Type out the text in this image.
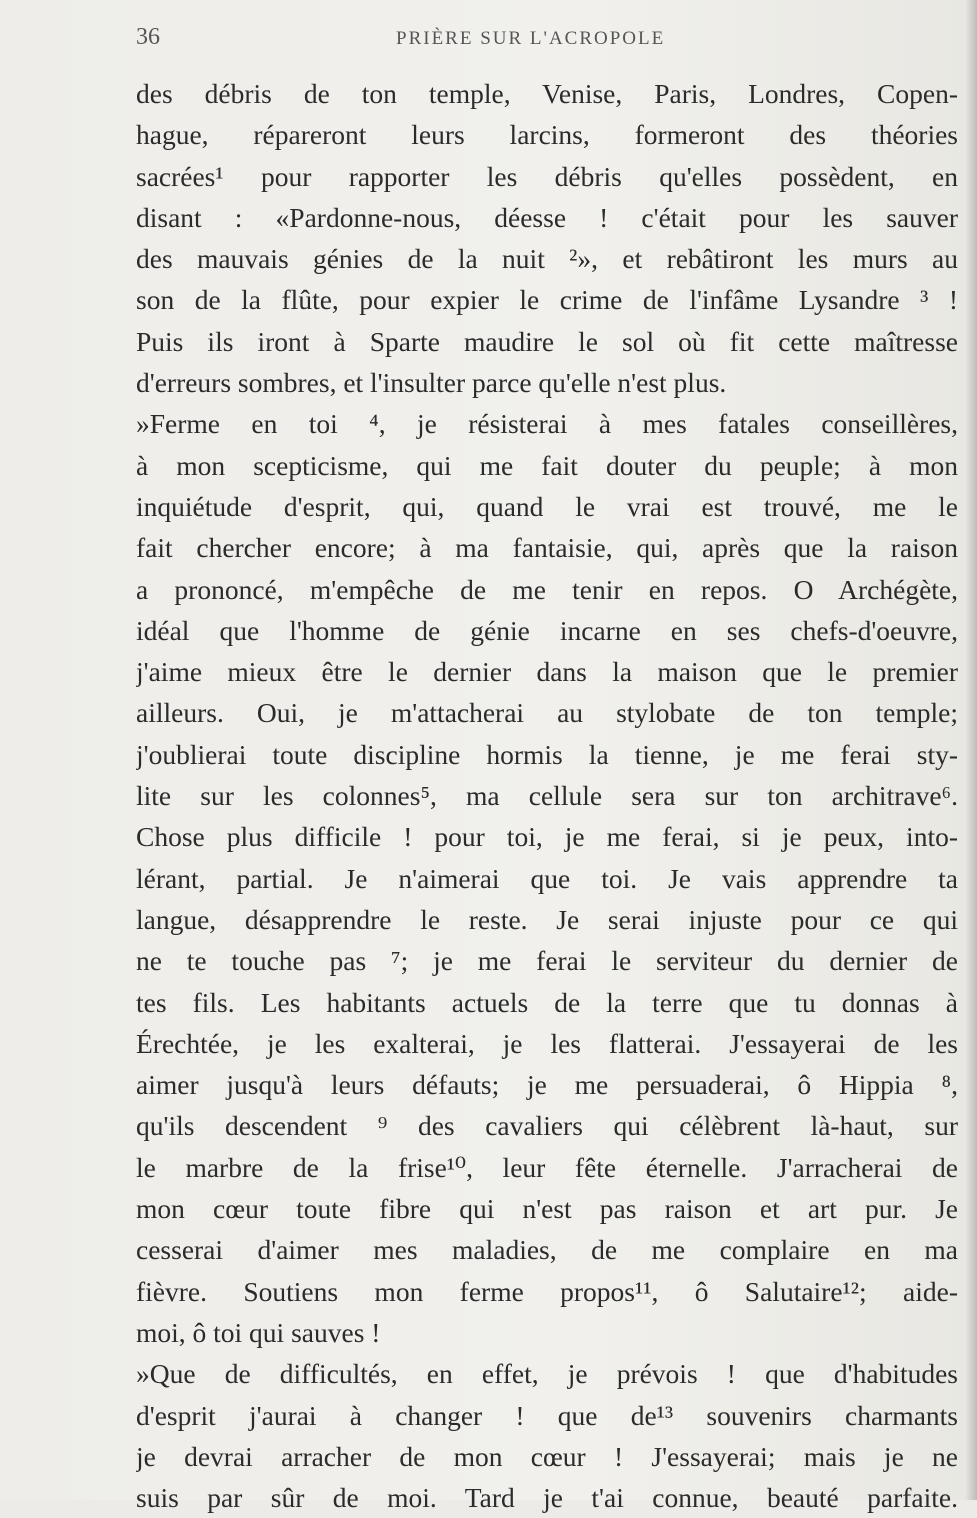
36	PRIÈRE SUR L'ACROPOLE
des débris de ton temple, Venise, Paris, Londres, Copen-
hague, répareront leurs larcins, formeront des théories
sacrées¹ pour rapporter les débris qu'elles possèdent, en
disant : «Pardonne-nous, déesse ! c'était pour les sauver
des mauvais génies de la nuit ²», et rebâtiront les murs au
son de la flûte, pour expier le crime de l'infâme Lysandre ³ !
Puis ils iront à Sparte maudire le sol où fit cette maîtresse
d'erreurs sombres, et l'insulter parce qu'elle n'est plus.
»Ferme en toi ⁴, je résisterai à mes fatales conseillères,
à mon scepticisme, qui me fait douter du peuple; à mon
inquiétude d'esprit, qui, quand le vrai est trouvé, me le
fait chercher encore; à ma fantaisie, qui, après que la raison
a prononcé, m'empêche de me tenir en repos. O Archégète,
idéal que l'homme de génie incarne en ses chefs-d'oeuvre,
j'aime mieux être le dernier dans la maison que le premier
ailleurs. Oui, je m'attacherai au stylobate de ton temple;
j'oublierai toute discipline hormis la tienne, je me ferai sty-
lite sur les colonnes⁵, ma cellule sera sur ton architrave⁶.
Chose plus difficile ! pour toi, je me ferai, si je peux, into-
lérant, partial. Je n'aimerai que toi. Je vais apprendre ta
langue, désapprendre le reste. Je serai injuste pour ce qui
ne te touche pas ⁷; je me ferai le serviteur du dernier de
tes fils. Les habitants actuels de la terre que tu donnas à
Érechtée, je les exalterai, je les flatterai. J'essayerai de les
aimer jusqu'à leurs défauts; je me persuaderai, ô Hippia ⁸,
qu'ils descendent ⁹ des cavaliers qui célèbrent là-haut, sur
le marbre de la frise¹⁰, leur fête éternelle. J'arracherai de
mon cœur toute fibre qui n'est pas raison et art pur. Je
cesserai d'aimer mes maladies, de me complaire en ma
fièvre. Soutiens mon ferme propos¹¹, ô Salutaire¹²; aide-
moi, ô toi qui sauves !
»Que de difficultés, en effet, je prévois ! que d'habitudes
d'esprit j'aurai à changer ! que de¹³ souvenirs charmants
je devrai arracher de mon cœur ! J'essayerai; mais je ne
suis par sûr de moi. Tard je t'ai connue, beauté parfaite.
